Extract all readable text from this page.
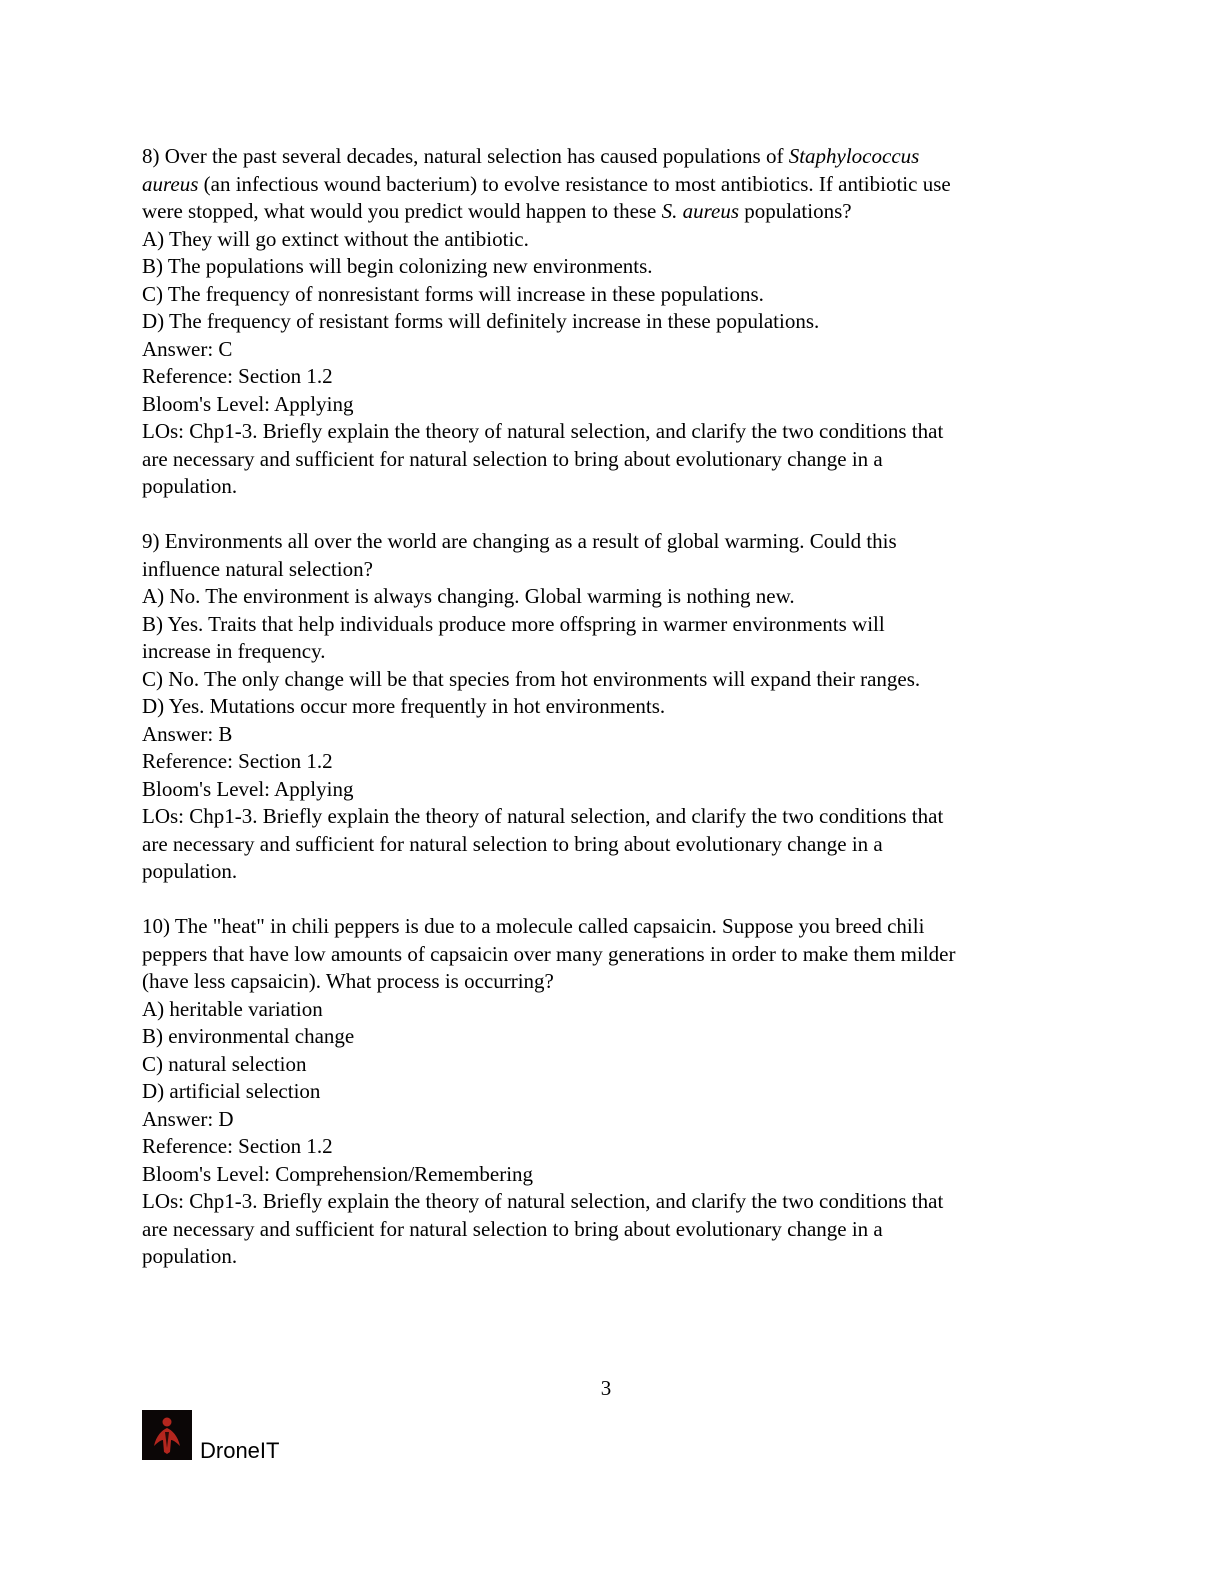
8) Over the past several decades, natural selection has caused populations of Staphylococcus
aureus (an infectious wound bacterium) to evolve resistance to most antibiotics. If antibiotic use
were stopped, what would you predict would happen to these S. aureus populations?
A) They will go extinct without the antibiotic.
B) The populations will begin colonizing new environments.
C) The frequency of nonresistant forms will increase in these populations.
D) The frequency of resistant forms will definitely increase in these populations.
Answer: C
Reference: Section 1.2
Bloom's Level: Applying
LOs: Chp1-3. Briefly explain the theory of natural selection, and clarify the two conditions that
are necessary and sufficient for natural selection to bring about evolutionary change in a
population.
9) Environments all over the world are changing as a result of global warming. Could this
influence natural selection?
A) No. The environment is always changing. Global warming is nothing new.
B) Yes. Traits that help individuals produce more offspring in warmer environments will
increase in frequency.
C) No. The only change will be that species from hot environments will expand their ranges.
D) Yes. Mutations occur more frequently in hot environments.
Answer: B
Reference: Section 1.2
Bloom's Level: Applying
LOs: Chp1-3. Briefly explain the theory of natural selection, and clarify the two conditions that
are necessary and sufficient for natural selection to bring about evolutionary change in a
population.
10) The "heat" in chili peppers is due to a molecule called capsaicin. Suppose you breed chili
peppers that have low amounts of capsaicin over many generations in order to make them milder
(have less capsaicin). What process is occurring?
A) heritable variation
B) environmental change
C) natural selection
D) artificial selection
Answer: D
Reference: Section 1.2
Bloom's Level: Comprehension/Remembering
LOs: Chp1-3. Briefly explain the theory of natural selection, and clarify the two conditions that
are necessary and sufficient for natural selection to bring about evolutionary change in a
population.
3
DroneIT
